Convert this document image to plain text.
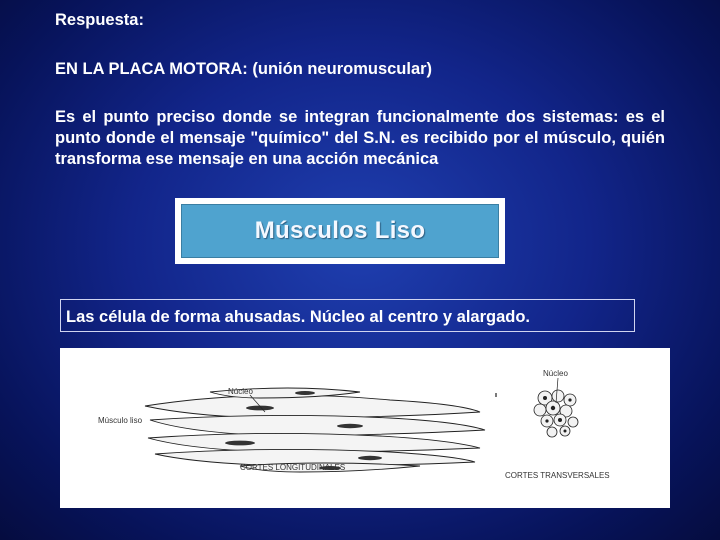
Respuesta:

EN LA PLACA MOTORA: (unión neuromuscular)

Es el punto preciso donde se integran funcionalmente dos sistemas: es el punto donde el mensaje "químico" del S.N. es recibido por el músculo, quién transforma ese mensaje en una acción mecánica

Músculos Liso

Las célula de forma ahusadas. Núcleo al centro y alargado.

Núcleo
Músculo liso
CORTES LONGITUDINALES
Núcleo
CORTES TRANSVERSALES
